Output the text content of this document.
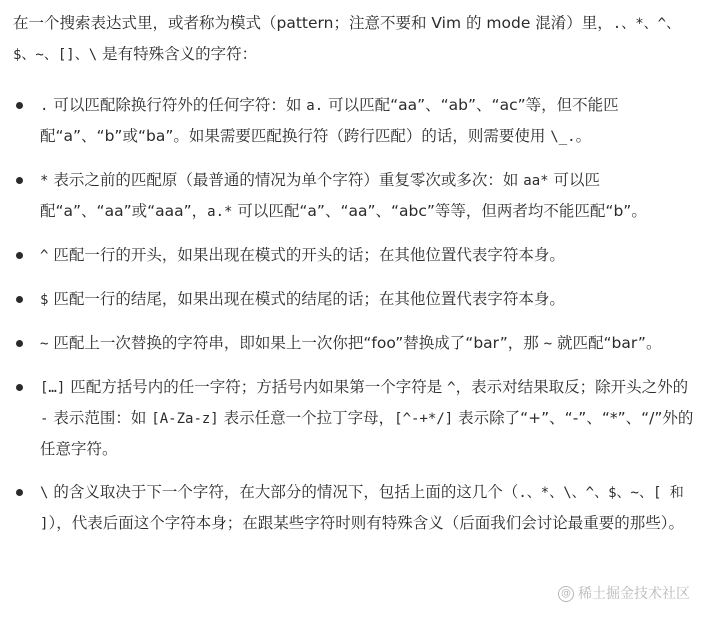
在一个搜索表达式里，或者称为模式（pattern；注意不要和 Vim 的 mode 混淆）里，.、*、^、$、~、[]、\ 是有特殊含义的字符：

. 可以匹配除换行符外的任何字符：如 a. 可以匹配“aa”、“ab”、“ac”等，但不能匹配“a”、“b”或“ba”。如果需要匹配换行符（跨行匹配）的话，则需要使用 \_.。
* 表示之前的匹配原（最普通的情况为单个字符）重复零次或多次：如 aa* 可以匹配“a”、“aa”或“aaa”，a.* 可以匹配“a”、“aa”、“abc”等等，但两者均不能匹配“b”。
^ 匹配一行的开头，如果出现在模式的开头的话；在其他位置代表字符本身。
$ 匹配一行的结尾，如果出现在模式的结尾的话；在其他位置代表字符本身。
~ 匹配上一次替换的字符串，即如果上一次你把“foo”替换成了“bar”，那 ~ 就匹配“bar”。
[…] 匹配方括号内的任一字符；方括号内如果第一个字符是 ^，表示对结果取反；除开头之外的 - 表示范围：如 [A-Za-z] 表示任意一个拉丁字母，[^-+*/] 表示除了“+”、“-”、“*”、“/”外的任意字符。
\ 的含义取决于下一个字符，在大部分的情况下，包括上面的这几个（.、*、\、^、$、~、[ 和 ]），代表后面这个字符本身；在跟某些字符时则有特殊含义（后面我们会讨论最重要的那些）。
@ 稀土掘金技术社区
